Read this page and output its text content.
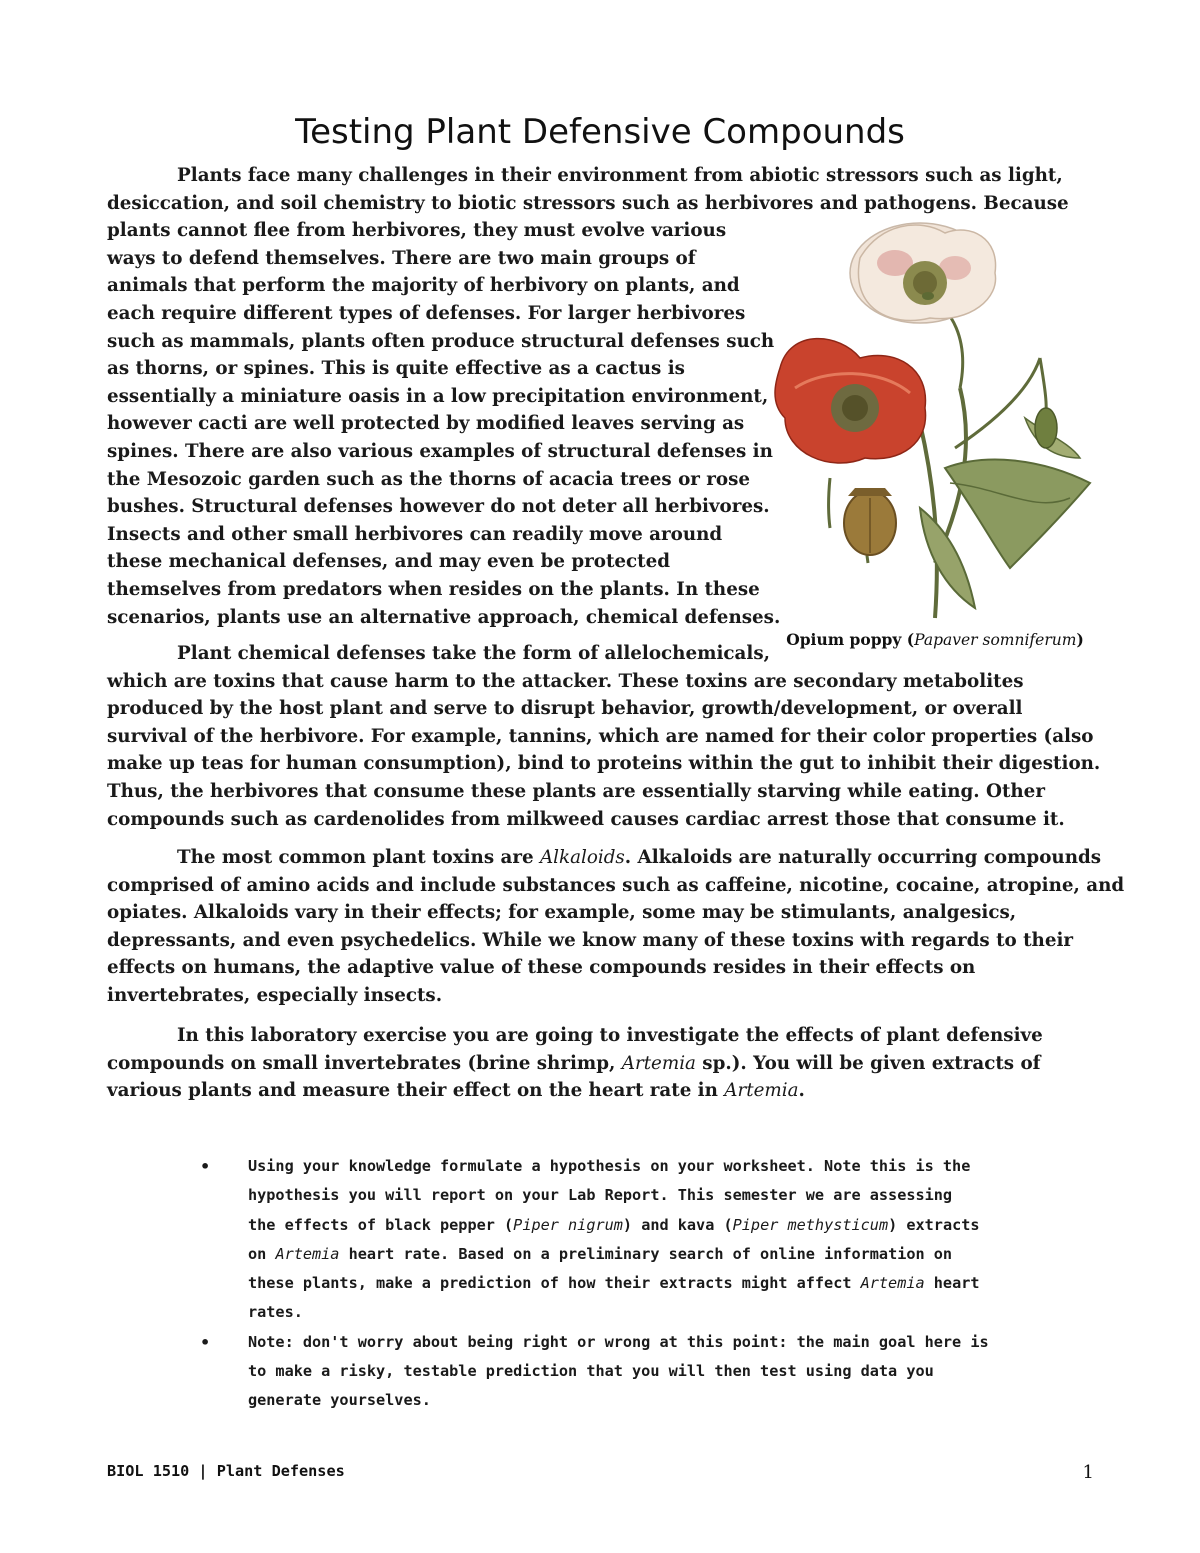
Testing Plant Defensive Compounds

Plants face many challenges in their environment from abiotic stressors such as light,
desiccation, and soil chemistry to biotic stressors such as herbivores and pathogens. Because
plants cannot flee from herbivores, they must evolve various
ways to defend themselves. There are two main groups of
animals that perform the majority of herbivory on plants, and
each require different types of defenses. For larger herbivores
such as mammals, plants often produce structural defenses such
as thorns, or spines. This is quite effective as a cactus is
essentially a miniature oasis in a low precipitation environment,
however cacti are well protected by modified leaves serving as
spines. There are also various examples of structural defenses in
the Mesozoic garden such as the thorns of acacia trees or rose
bushes. Structural defenses however do not deter all herbivores.
Insects and other small herbivores can readily move around
these mechanical defenses, and may even be protected
themselves from predators when resides on the plants. In these
scenarios, plants use an alternative approach, chemical defenses.

Opium poppy (Papaver somniferum)

Plant chemical defenses take the form of allelochemicals,
which are toxins that cause harm to the attacker. These toxins are secondary metabolites
produced by the host plant and serve to disrupt behavior, growth/development, or overall
survival of the herbivore. For example, tannins, which are named for their color properties (also
make up teas for human consumption), bind to proteins within the gut to inhibit their digestion.
Thus, the herbivores that consume these plants are essentially starving while eating. Other
compounds such as cardenolides from milkweed causes cardiac arrest those that consume it.

The most common plant toxins are Alkaloids. Alkaloids are naturally occurring compounds
comprised of amino acids and include substances such as caffeine, nicotine, cocaine, atropine, and
opiates. Alkaloids vary in their effects; for example, some may be stimulants, analgesics,
depressants, and even psychedelics. While we know many of these toxins with regards to their
effects on humans, the adaptive value of these compounds resides in their effects on
invertebrates, especially insects.

In this laboratory exercise you are going to investigate the effects of plant defensive
compounds on small invertebrates (brine shrimp, Artemia sp.). You will be given extracts of
various plants and measure their effect on the heart rate in Artemia.

• Using your knowledge formulate a hypothesis on your worksheet. Note this is the
hypothesis you will report on your Lab Report. This semester we are assessing
the effects of black pepper (Piper nigrum) and kava (Piper methysticum) extracts
on Artemia heart rate. Based on a preliminary search of online information on
these plants, make a prediction of how their extracts might affect Artemia heart
rates.
• Note: don't worry about being right or wrong at this point: the main goal here is
to make a risky, testable prediction that you will then test using data you
generate yourselves.

BIOL 1510 | Plant Defenses	1
